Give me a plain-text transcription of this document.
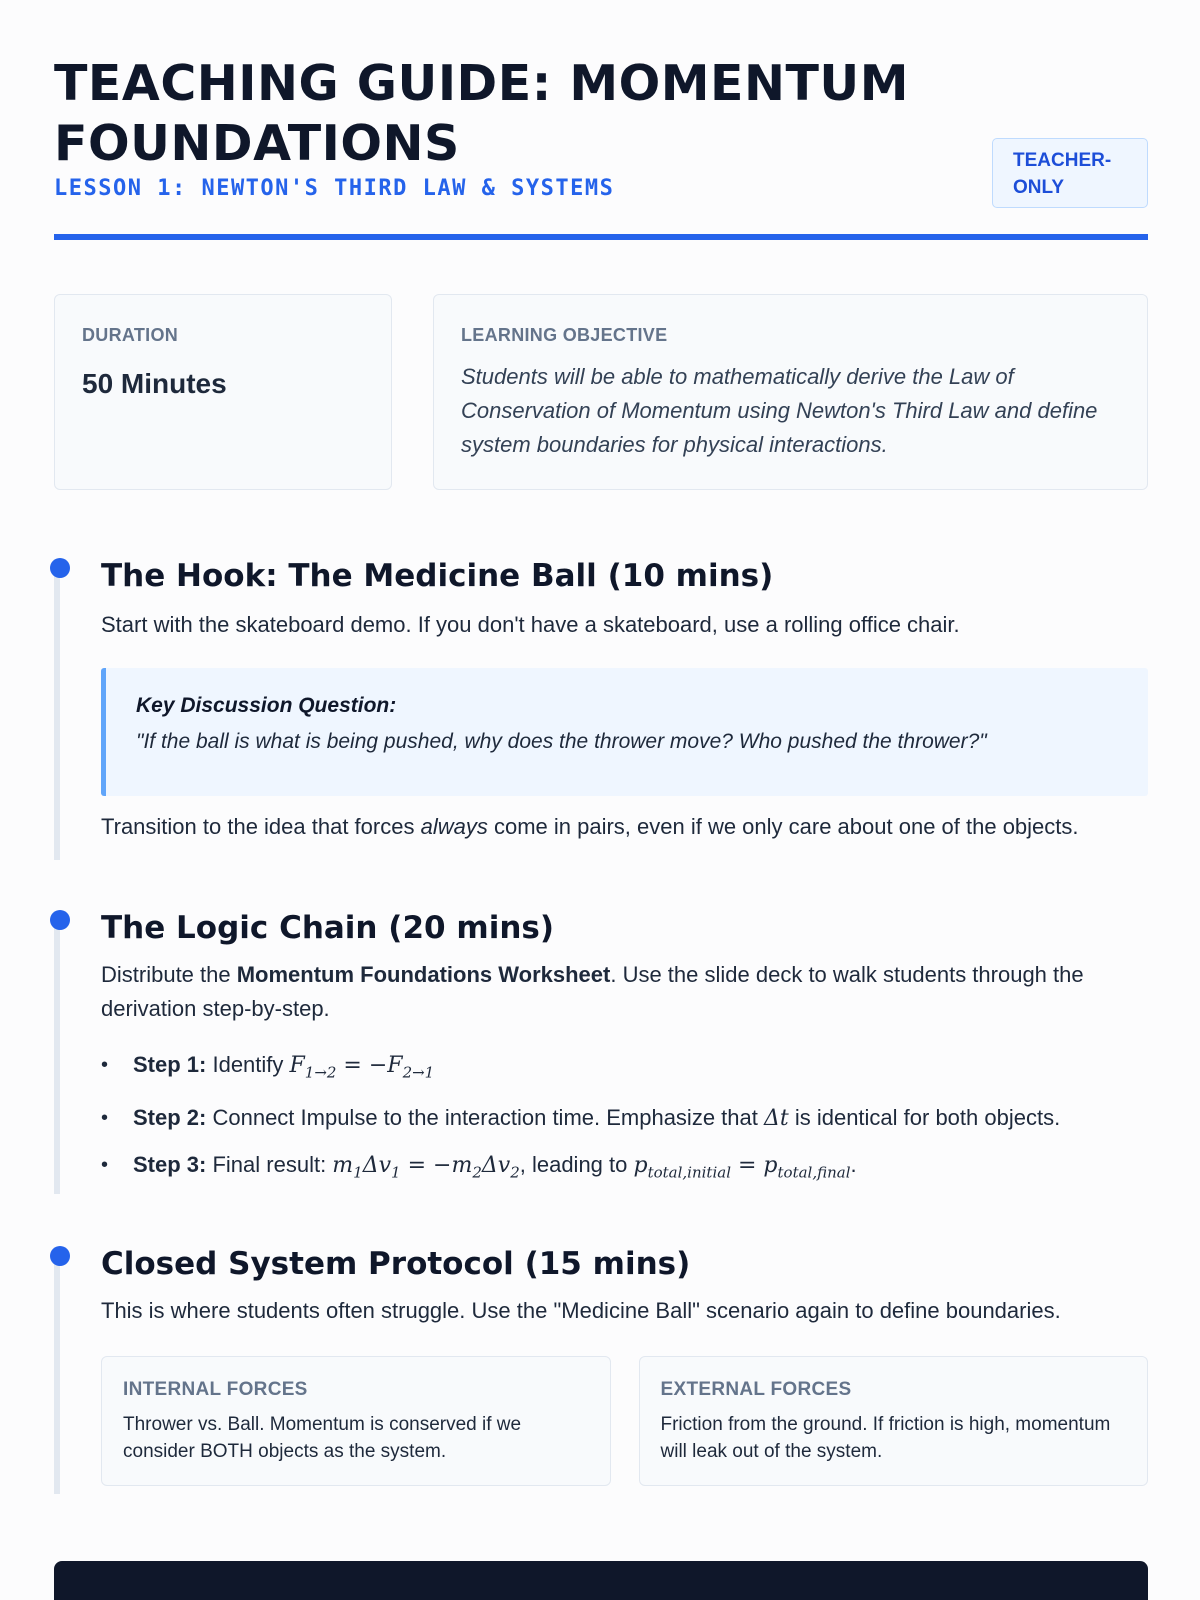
TEACHING GUIDE: MOMENTUM FOUNDATIONS
LESSON 1: NEWTON'S THIRD LAW & SYSTEMS
TEACHER-ONLY
DURATION
50 Minutes
LEARNING OBJECTIVE
Students will be able to mathematically derive the Law of Conservation of Momentum using Newton's Third Law and define system boundaries for physical interactions.
The Hook: The Medicine Ball (10 mins)

Start with the skateboard demo. If you don't have a skateboard, use a rolling office chair.

Key Discussion Question:
"If the ball is what is being pushed, why does the thrower move? Who pushed the thrower?"

Transition to the idea that forces always come in pairs, even if we only care about one of the objects.

The Logic Chain (20 mins)

Distribute the Momentum Foundations Worksheet. Use the slide deck to walk students through the derivation step-by-step.

• Step 1: Identify $F_{1\to 2} = -F_{2\to 1}$
• Step 2: Connect Impulse to the interaction time. Emphasize that Δt is identical for both objects.
• Step 3: Final result: $m_1\Delta v_1 = -m_2\Delta v_2$, leading to $p_{total,initial} = p_{total,final}$.
Closed System Protocol (15 mins)

This is where students often struggle. Use the "Medicine Ball" scenario again to define boundaries.

INTERNAL FORCES
Thrower vs. Ball. Momentum is conserved if we consider BOTH objects as the system.
EXTERNAL FORCES
Friction from the ground. If friction is high, momentum will leak out of the system.
